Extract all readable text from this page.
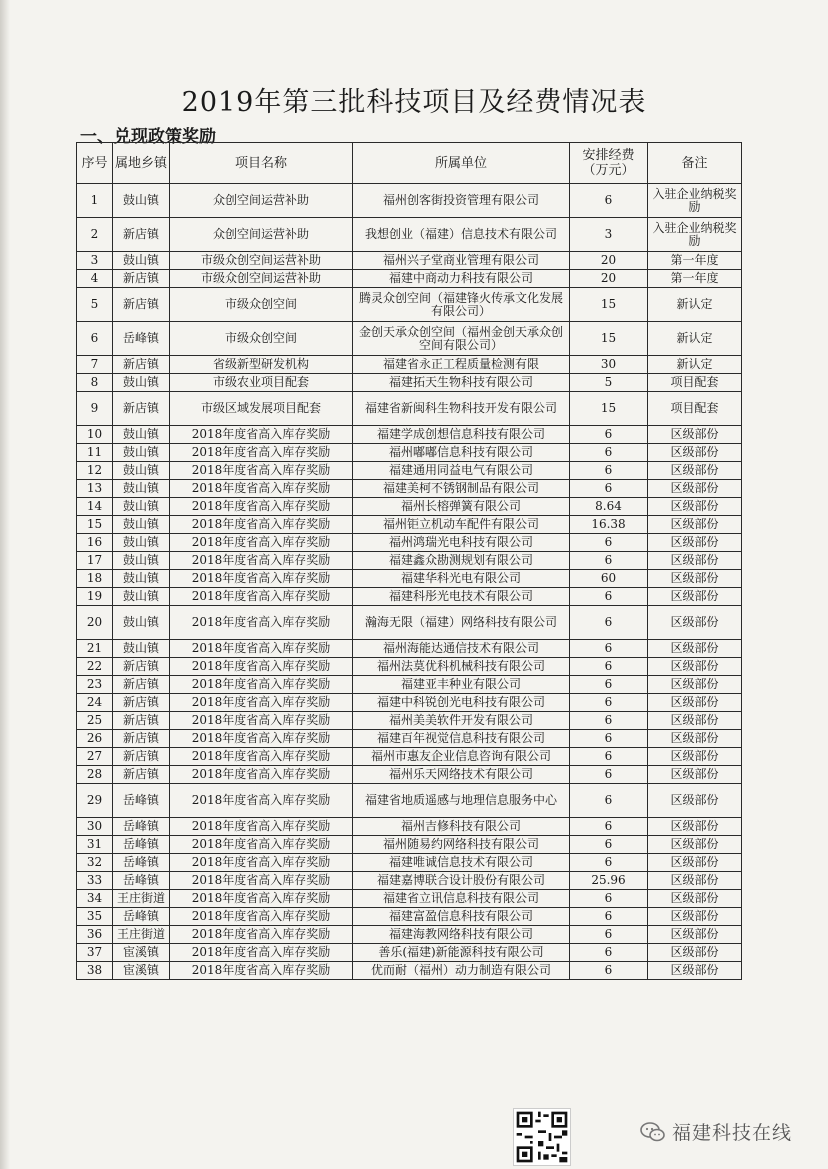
2019年第三批科技项目及经费情况表
一、兑现政策奖励
序号	属地乡镇	项目名称	所属单位	安排经费（万元）	备注
1	鼓山镇	众创空间运营补助	福州创客街投资管理有限公司	6	入驻企业纳税奖励
2	新店镇	众创空间运营补助	我想创业（福建）信息技术有限公司	3	入驻企业纳税奖励
3	鼓山镇	市级众创空间运营补助	福州兴子堂商业管理有限公司	20	第一年度
4	新店镇	市级众创空间运营补助	福建中商动力科技有限公司	20	第一年度
5	新店镇	市级众创空间	腾灵众创空间（福建锋火传承文化发展有限公司）	15	新认定
6	岳峰镇	市级众创空间	金创天承众创空间（福州金创天承众创空间有限公司）	15	新认定
7	新店镇	省级新型研发机构	福建省永正工程质量检测有限	30	新认定
8	鼓山镇	市级农业项目配套	福建拓天生物科技有限公司	5	项目配套
9	新店镇	市级区域发展项目配套	福建省新闽科生物科技开发有限公司	15	项目配套
10	鼓山镇	2018年度省高入库存奖励	福建学成创想信息科技有限公司	6	区级部份
11	鼓山镇	2018年度省高入库存奖励	福州嘟嘟信息科技有限公司	6	区级部份
12	鼓山镇	2018年度省高入库存奖励	福建通用同益电气有限公司	6	区级部份
13	鼓山镇	2018年度省高入库存奖励	福建美柯不锈钢制品有限公司	6	区级部份
14	鼓山镇	2018年度省高入库存奖励	福州长榕弹簧有限公司	8.64	区级部份
15	鼓山镇	2018年度省高入库存奖励	福州钜立机动车配件有限公司	16.38	区级部份
16	鼓山镇	2018年度省高入库存奖励	福州鸿瑞光电科技有限公司	6	区级部份
17	鼓山镇	2018年度省高入库存奖励	福建鑫众勘测规划有限公司	6	区级部份
18	鼓山镇	2018年度省高入库存奖励	福建华科光电有限公司	60	区级部份
19	鼓山镇	2018年度省高入库存奖励	福建科彤光电技术有限公司	6	区级部份
20	鼓山镇	2018年度省高入库存奖励	瀚海无限（福建）网络科技有限公司	6	区级部份
21	鼓山镇	2018年度省高入库存奖励	福州海能达通信技术有限公司	6	区级部份
22	新店镇	2018年度省高入库存奖励	福州法莫优科机械科技有限公司	6	区级部份
23	新店镇	2018年度省高入库存奖励	福建亚丰种业有限公司	6	区级部份
24	新店镇	2018年度省高入库存奖励	福建中科锐创光电科技有限公司	6	区级部份
25	新店镇	2018年度省高入库存奖励	福州美美软件开发有限公司	6	区级部份
26	新店镇	2018年度省高入库存奖励	福建百年视觉信息科技有限公司	6	区级部份
27	新店镇	2018年度省高入库存奖励	福州市惠友企业信息咨询有限公司	6	区级部份
28	新店镇	2018年度省高入库存奖励	福州乐天网络技术有限公司	6	区级部份
29	岳峰镇	2018年度省高入库存奖励	福建省地质遥感与地理信息服务中心	6	区级部份
30	岳峰镇	2018年度省高入库存奖励	福州吉修科技有限公司	6	区级部份
31	岳峰镇	2018年度省高入库存奖励	福州随易约网络科技有限公司	6	区级部份
32	岳峰镇	2018年度省高入库存奖励	福建唯诚信息技术有限公司	6	区级部份
33	岳峰镇	2018年度省高入库存奖励	福建嘉博联合设计股份有限公司	25.96	区级部份
34	王庄街道	2018年度省高入库存奖励	福建省立讯信息科技有限公司	6	区级部份
35	岳峰镇	2018年度省高入库存奖励	福建富盈信息科技有限公司	6	区级部份
36	王庄街道	2018年度省高入库存奖励	福建海教网络科技有限公司	6	区级部份
37	宦溪镇	2018年度省高入库存奖励	善乐(福建)新能源科技有限公司	6	区级部份
38	宦溪镇	2018年度省高入库存奖励	优而耐（福州）动力制造有限公司	6	区级部份
福建科技在线
